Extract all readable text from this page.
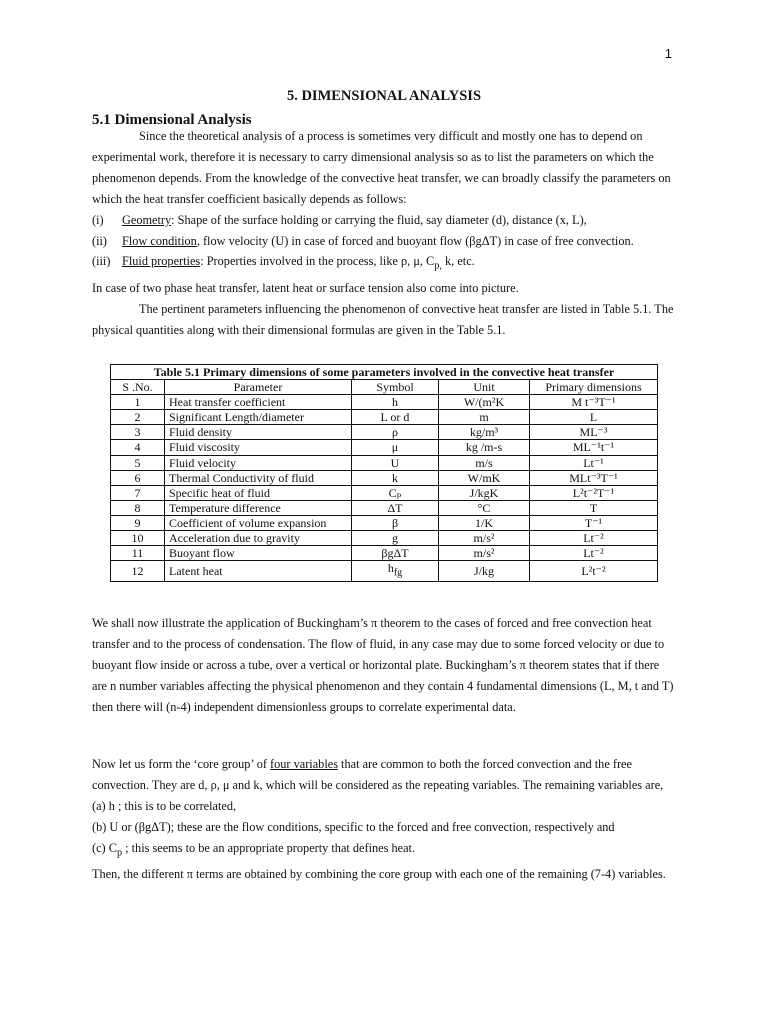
1
5. DIMENSIONAL ANALYSIS
5.1 Dimensional Analysis

Since the theoretical analysis of a process is sometimes very difficult and mostly one has to depend on experimental work, therefore it is necessary to carry dimensional analysis so as to list the parameters on which the phenomenon depends. From the knowledge of the convective heat transfer, we can broadly classify the parameters on which the heat transfer coefficient basically depends as follows:

(i) Geometry: Shape of the surface holding or carrying the fluid, say diameter (d), distance (x, L),

(ii) Flow condition, flow velocity (U) in case of forced and buoyant flow (βgΔT) in case of free convection.

(iii) Fluid properties: Properties involved in the process, like ρ, μ, $C_{p,}$ k, etc.

In case of two phase heat transfer, latent heat or surface tension also come into picture.

The pertinent parameters influencing the phenomenon of convective heat transfer are listed in Table 5.1. The physical quantities along with their dimensional formulas are given in the Table 5.1.

Table 5.1 Primary dimensions of some parameters involved in the convective heat transfer				
S .No.	Parameter	Symbol	Unit	Primary dimensions
1	Heat transfer coefficient	h	W/(m²K	M t⁻³T⁻¹
2	Significant Length/diameter	L or d	m	L
3	Fluid density	ρ	kg/m³	ML⁻³
4	Fluid viscosity	μ	kg /m-s	ML⁻¹t⁻¹
5	Fluid velocity	U	m/s	Lt⁻¹
6	Thermal Conductivity of fluid	k	W/mK	MLt⁻³T⁻¹
7	Specific heat of fluid	Cₚ	J/kgK	L²t⁻²T⁻¹
8	Temperature difference	ΔT	°C	T
9	Coefficient of volume expansion	β	1/K	T⁻¹
10	Acceleration due to gravity	g	m/s²	Lt⁻²
11	Buoyant flow	βgΔT	m/s²	Lt⁻²
12	Latent heat	$h_{fg}$	J/kg	L²t⁻²

We shall now illustrate the application of Buckingham’s π theorem to the cases of forced and free convection heat transfer and to the process of condensation. The flow of fluid, in any case may due to some forced velocity or due to buoyant flow inside or across a tube, over a vertical or horizontal plate. Buckingham’s π theorem states that if there are n number variables affecting the physical phenomenon and they contain 4 fundamental dimensions (L, M, t and T) then there will (n-4) independent dimensionless groups to correlate experimental data.

Now let us form the ‘core group’ of four variables that are common to both the forced convection and the free convection. They are d, ρ, μ and k, which will be considered as the repeating variables. The remaining variables are,

(a) h ; this is to be correlated,

(b) U or (βgΔT); these are the flow conditions, specific to the forced and free convection, respectively and

(c) $C_p$ ; this seems to be an appropriate property that defines heat.

Then, the different π terms are obtained by combining the core group with each one of the remaining (7-4) variables.
